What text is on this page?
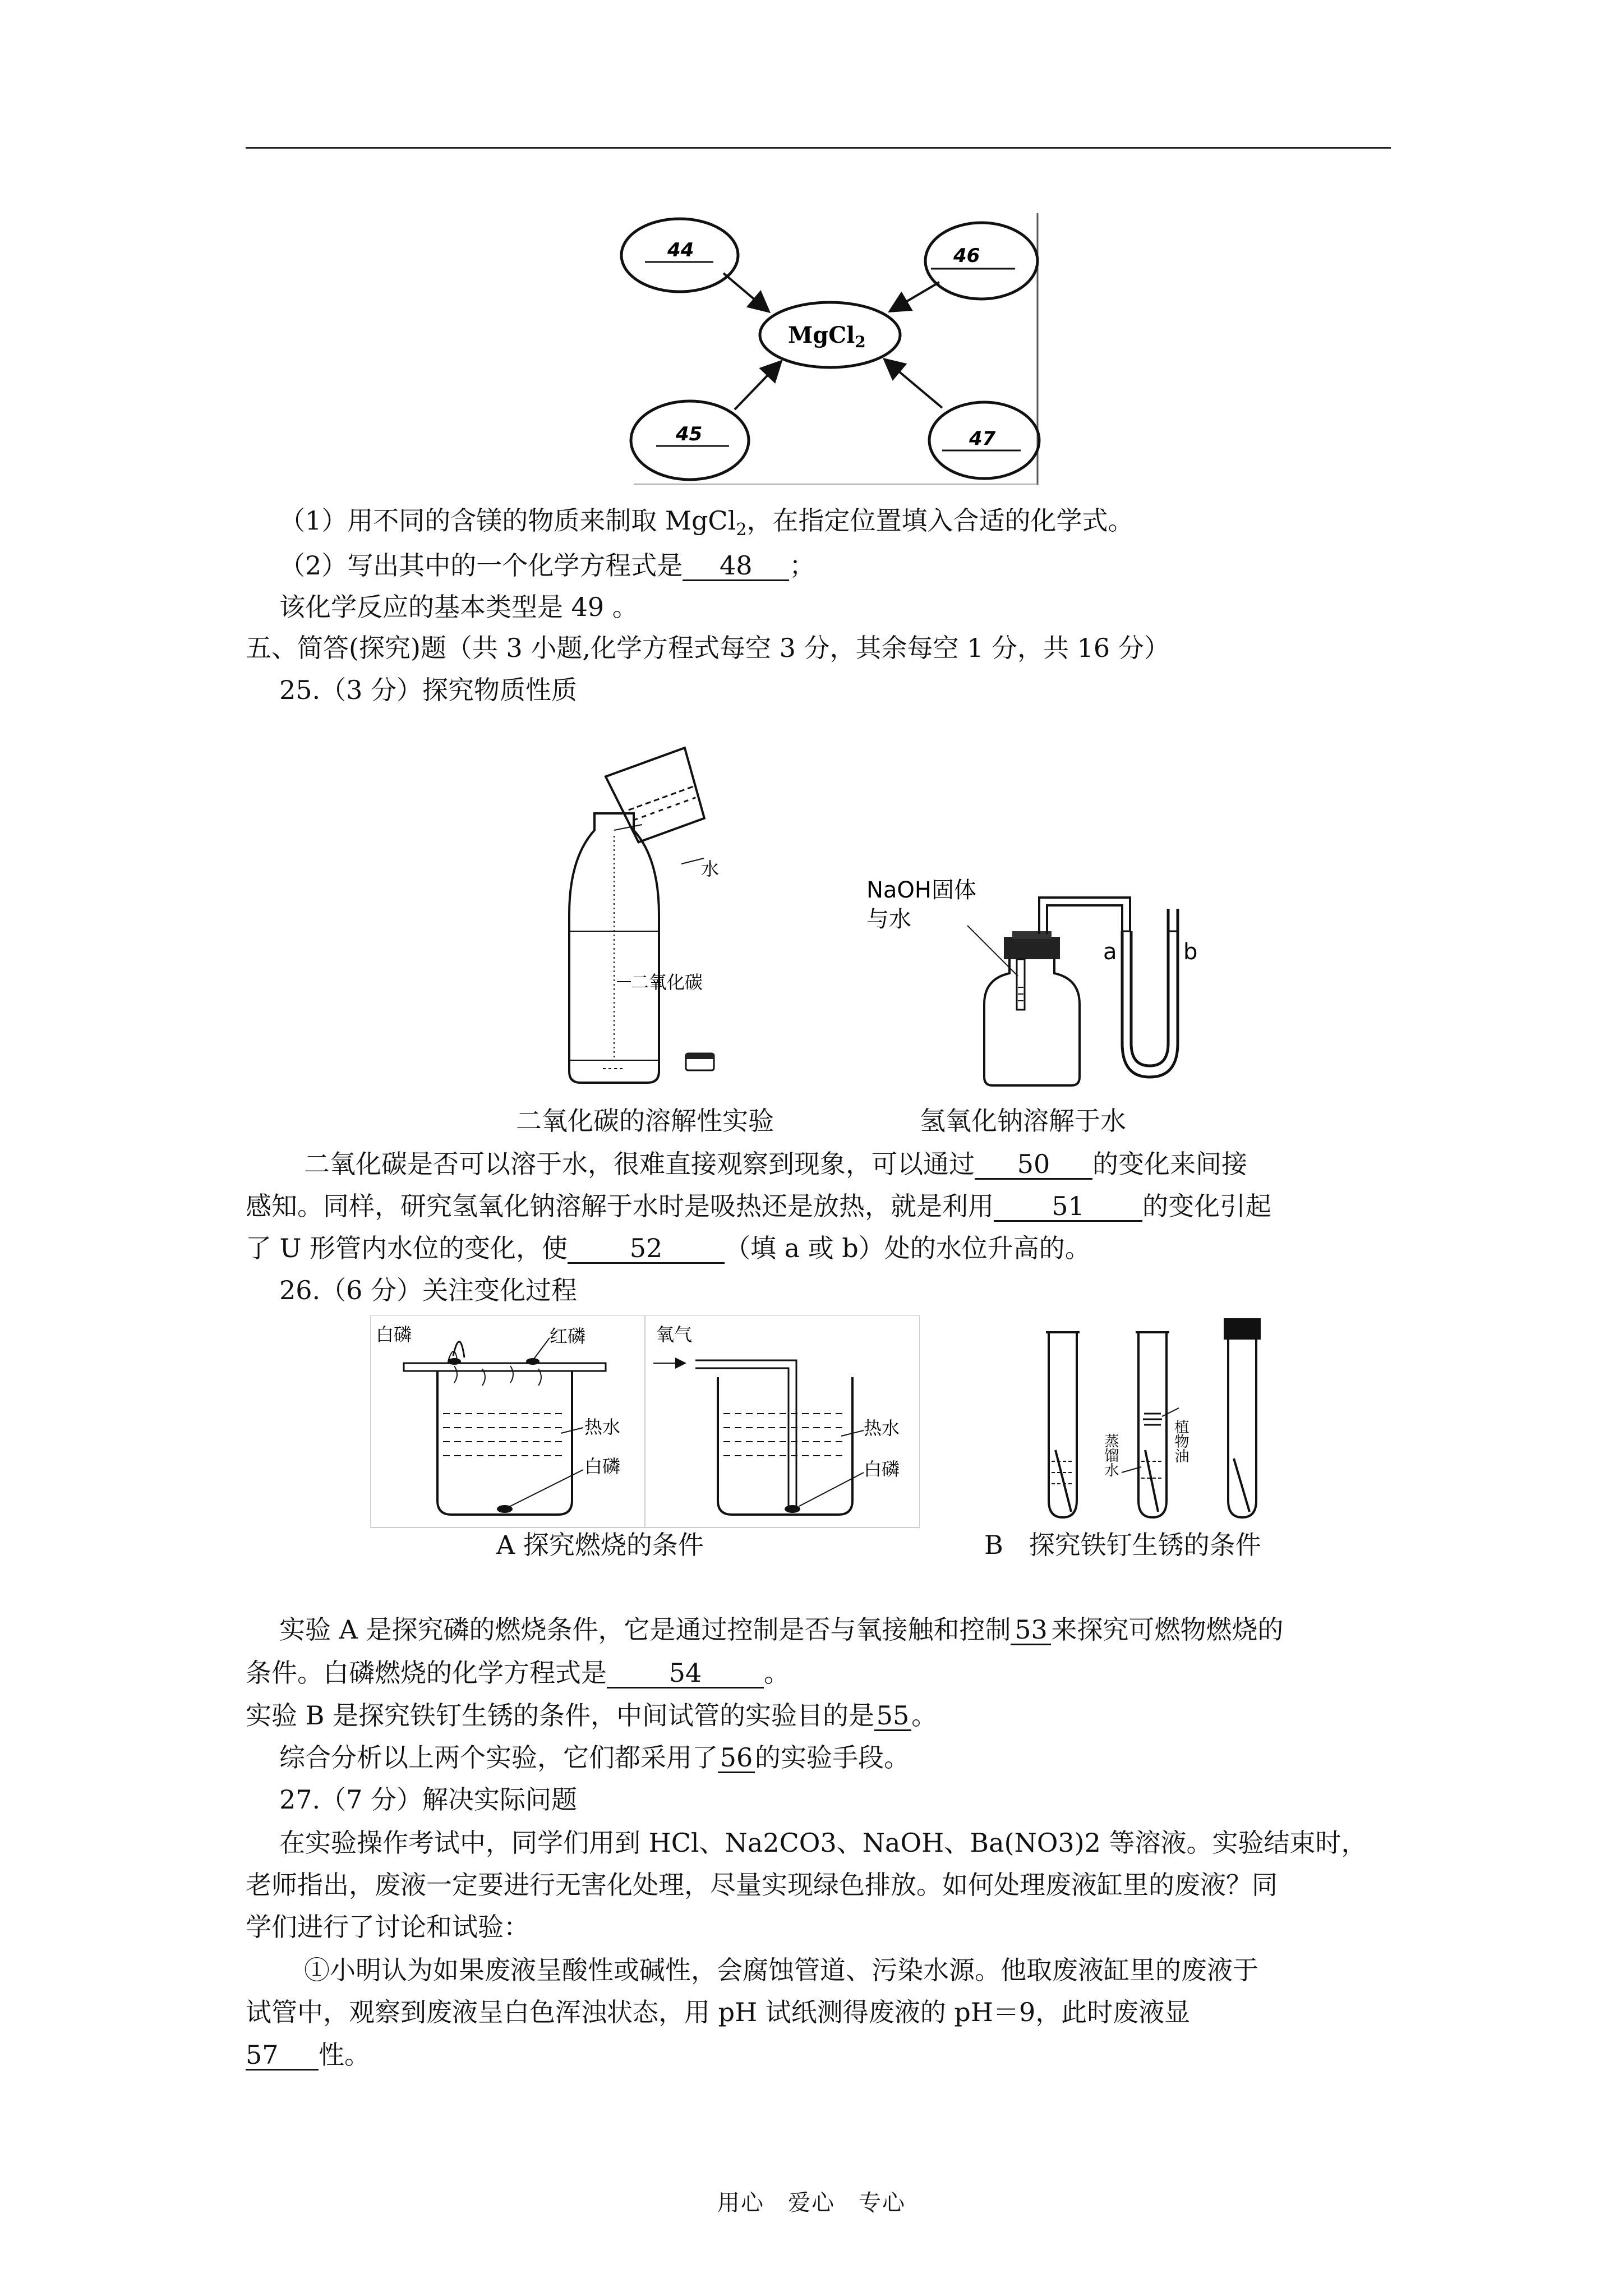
44	46
45	47
MgCl$_2$
（1）用不同的含镁的物质来制取 MgCl$_2$，在指定位置填入合适的化学式。
（2）写出其中的一个化学方程式是 48 ；
该化学反应的基本类型是 49 。
五、简答(探究)题（共 3 小题,化学方程式每空 3 分，其余每空 1 分，共 16 分）
25.（3 分）探究物质性质
水
二氧化碳
NaOH固体
与水
a	b
二氧化碳的溶解性实验	氢氧化钠溶解于水
二氧化碳是否可以溶于水，很难直接观察到现象，可以通过 50 的变化来间接
感知。同样，研究氢氧化钠溶解于水时是吸热还是放热，就是利用 51 的变化引起
了 U 形管内水位的变化，使 52 （填 a 或 b）处的水位升高的。
26.（6 分）关注变化过程
白磷	红磷
热水
白磷
氧气
热水
白磷
植物油
蒸馏水
A 探究燃烧的条件	B　探究铁钉生锈的条件
实验 A 是探究磷的燃烧条件，它是通过控制是否与氧接触和控制 53 来探究可燃物燃烧的
条件。白磷燃烧的化学方程式是 54 。
实验 B 是探究铁钉生锈的条件，中间试管的实验目的是55。
综合分析以上两个实验，它们都采用了56的实验手段。
27.（7 分）解决实际问题
在实验操作考试中，同学们用到 HCl、Na2CO3、NaOH、Ba(NO3)2 等溶液。实验结束时，
老师指出，废液一定要进行无害化处理，尽量实现绿色排放。如何处理废液缸里的废液？同
学们进行了讨论和试验：
①小明认为如果废液呈酸性或碱性，会腐蚀管道、污染水源。他取废液缸里的废液于
试管中，观察到废液呈白色浑浊状态，用 pH 试纸测得废液的 pH＝9，此时废液显
57 性。
用心　爱心　专心
